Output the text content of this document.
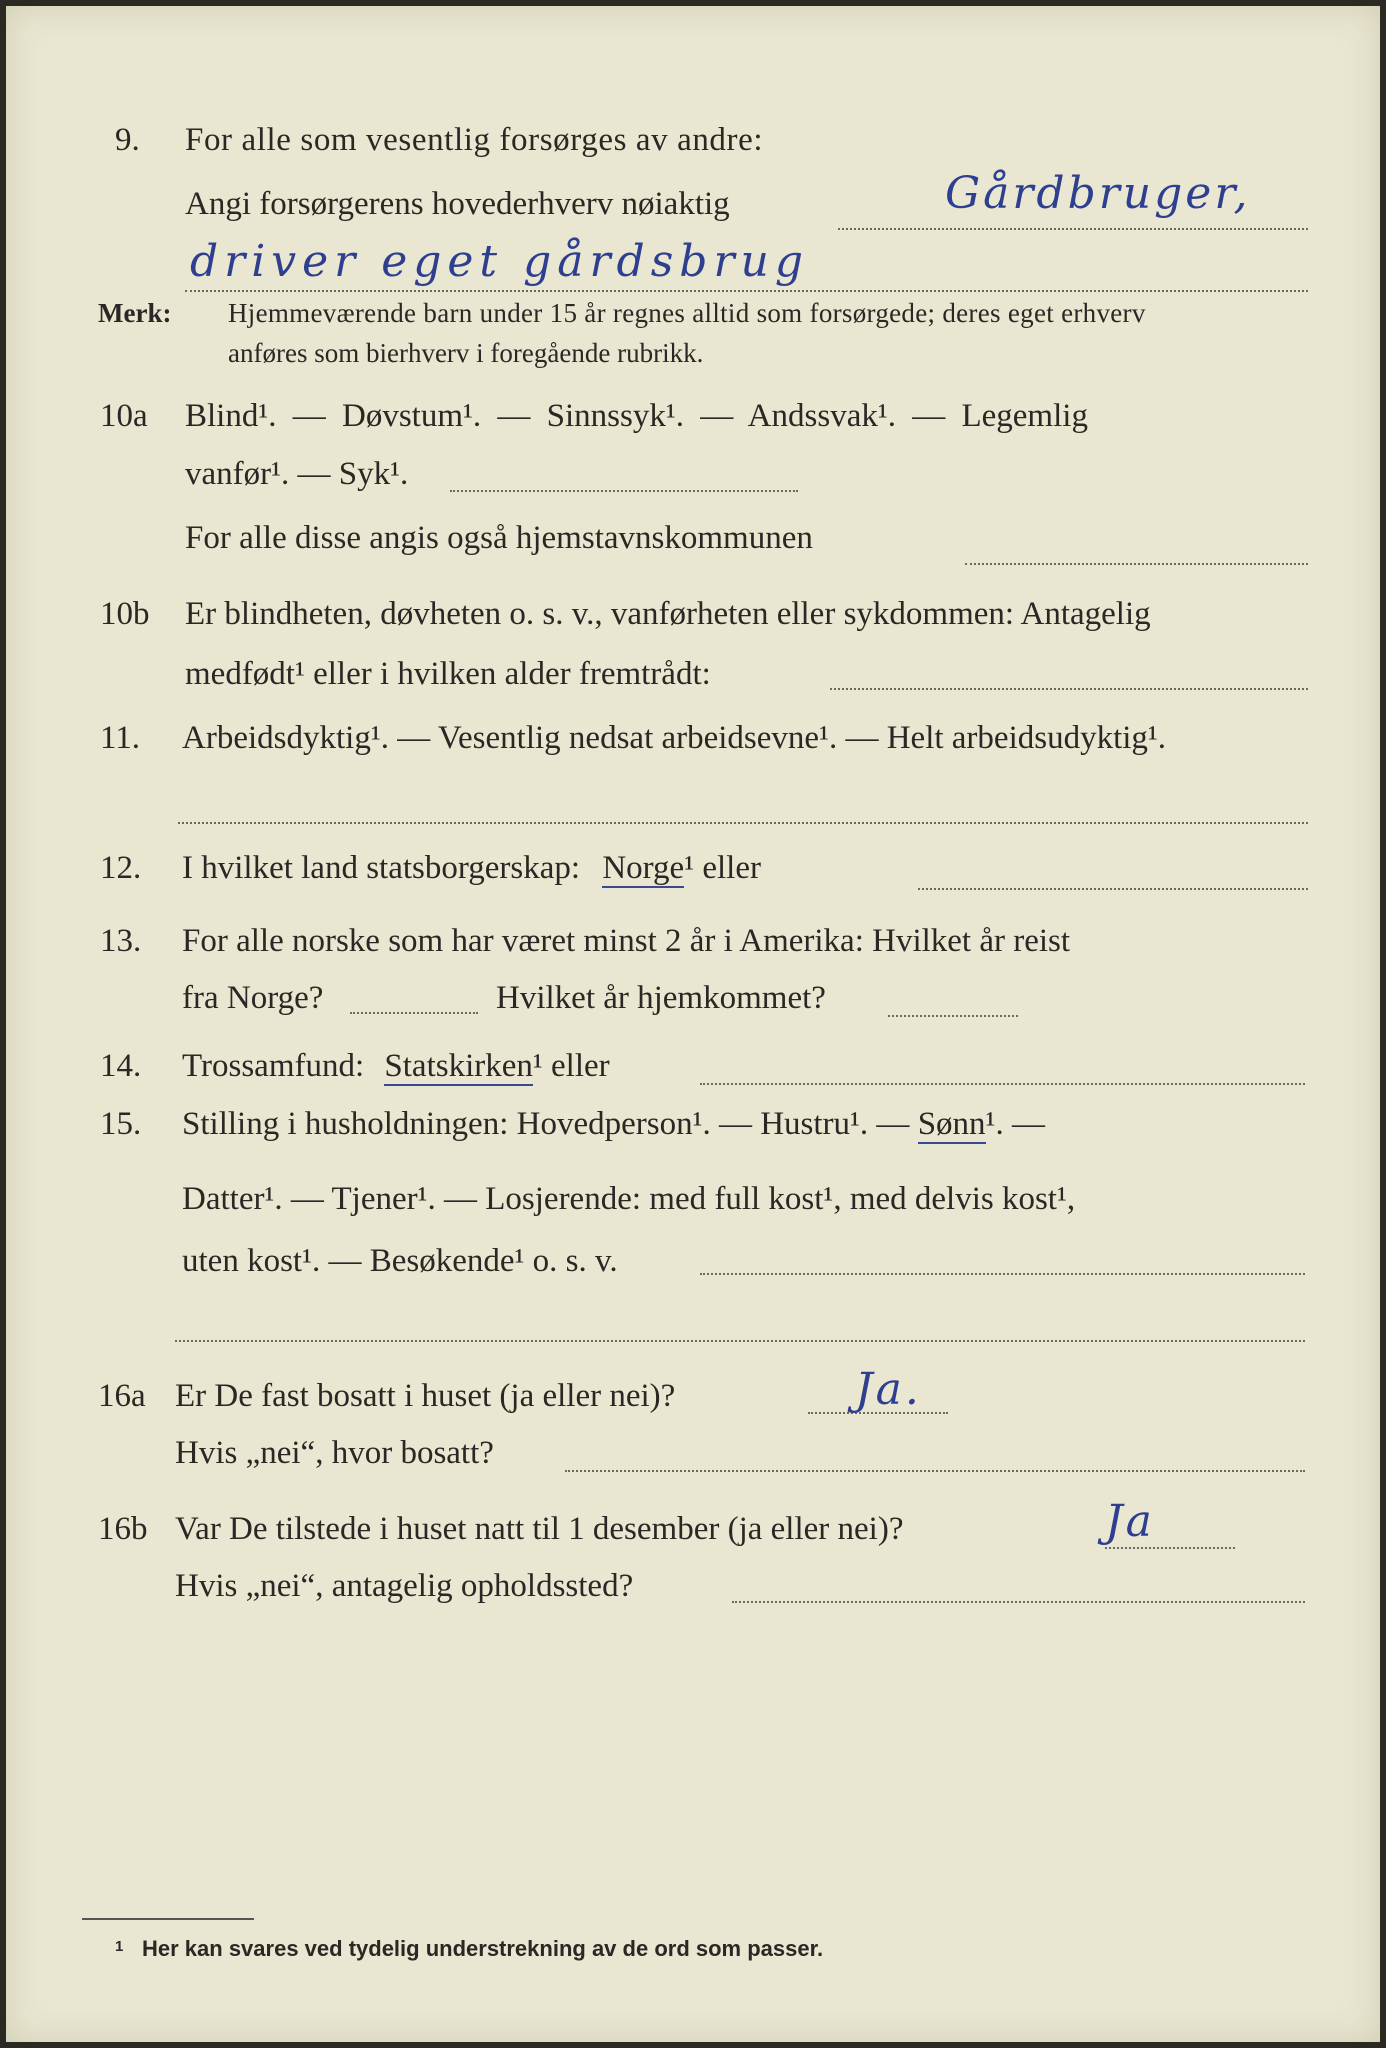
9. For alle som vesentlig forsørges av andre:
Angi forsørgerens hovederhverv nøiaktig	Gårdbruger,
driver eget gårdsbrug
Merk: Hjemmeværende barn under 15 år regnes alltid som forsørgede; deres eget erhverv
anføres som bierhverv i foregående rubrikk.
10a Blind¹. — Døvstum¹. — Sinnssyk¹. — Andssvak¹. — Legemlig
vanfør¹. — Syk¹.
For alle disse angis også hjemstavnskommunen
10b Er blindheten, døvheten o. s. v., vanførheten eller sykdommen: Antagelig
medfødt¹ eller i hvilken alder fremtrådt:
11. Arbeidsdyktig¹. — Vesentlig nedsat arbeidsevne¹. — Helt arbeidsudyktig¹.
12. I hvilket land statsborgerskap: Norge¹ eller
13. For alle norske som har været minst 2 år i Amerika: Hvilket år reist
fra Norge?	Hvilket år hjemkommet?
14. Trossamfund: Statskirken¹ eller
15. Stilling i husholdningen: Hovedperson¹. — Hustru¹. — Sønn¹. —
Datter¹. — Tjener¹. — Losjerende: med full kost¹, med delvis kost¹,
uten kost¹. — Besøkende¹ o. s. v.
16a Er De fast bosatt i huset (ja eller nei)?	Ja.
Hvis „nei“, hvor bosatt?
16b Var De tilstede i huset natt til 1 desember (ja eller nei)?	Ja
Hvis „nei“, antagelig opholdssted?
1 Her kan svares ved tydelig understrekning av de ord som passer.
